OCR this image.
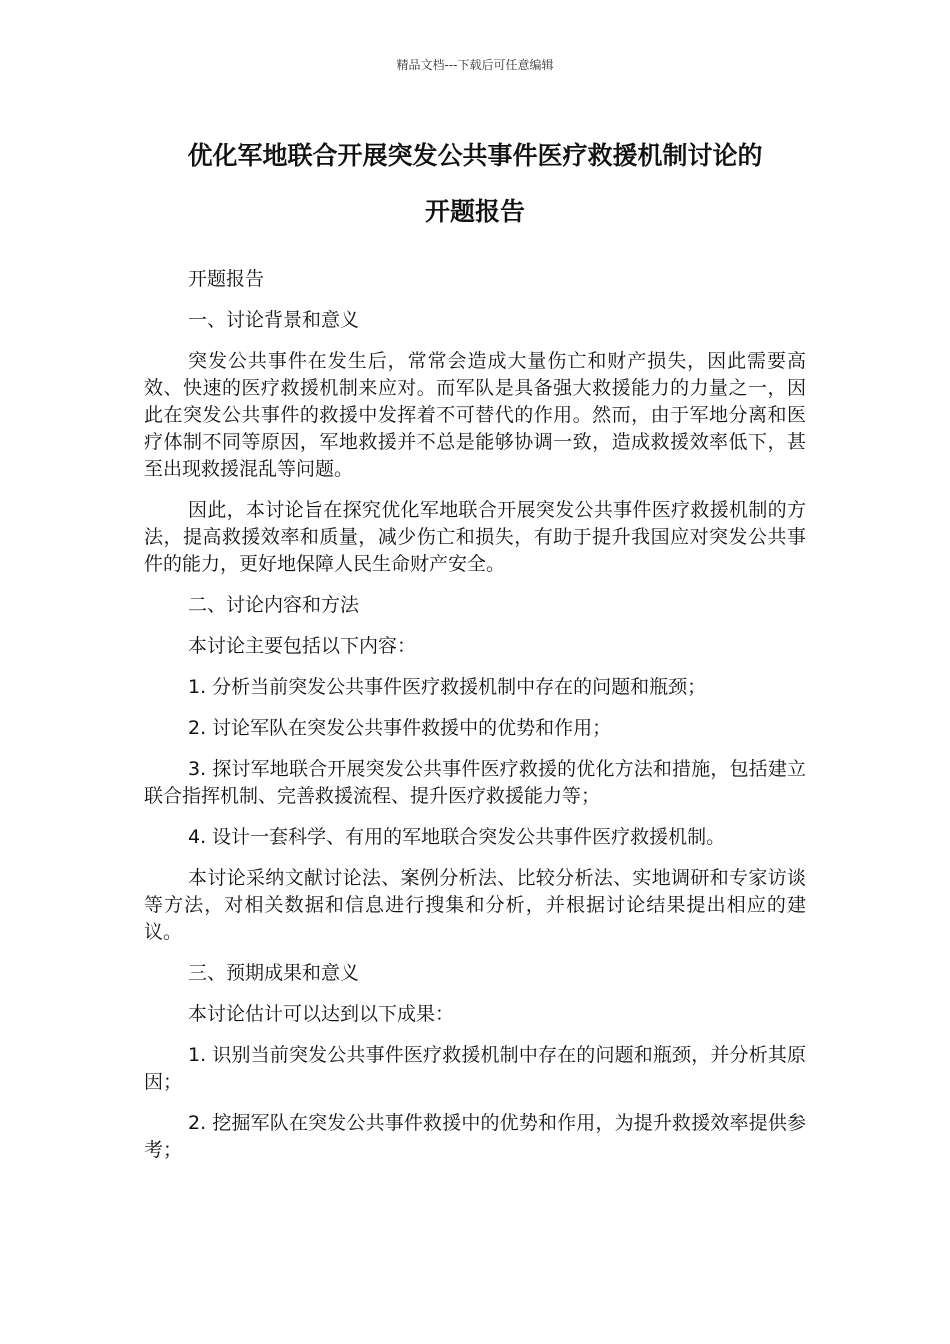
精品文档---下载后可任意编辑
优化军地联合开展突发公共事件医疗救援机制讨论的
开题报告

开题报告

一、讨论背景和意义

突发公共事件在发生后，常常会造成大量伤亡和财产损失，因此需要高效、快速的医疗救援机制来应对。而军队是具备强大救援能力的力量之一，因此在突发公共事件的救援中发挥着不可替代的作用。然而，由于军地分离和医疗体制不同等原因，军地救援并不总是能够协调一致，造成救援效率低下，甚至出现救援混乱等问题。

因此，本讨论旨在探究优化军地联合开展突发公共事件医疗救援机制的方法，提高救援效率和质量，减少伤亡和损失，有助于提升我国应对突发公共事件的能力，更好地保障人民生命财产安全。

二、讨论内容和方法

本讨论主要包括以下内容：

1. 分析当前突发公共事件医疗救援机制中存在的问题和瓶颈；

2. 讨论军队在突发公共事件救援中的优势和作用；

3. 探讨军地联合开展突发公共事件医疗救援的优化方法和措施，包括建立联合指挥机制、完善救援流程、提升医疗救援能力等；

4. 设计一套科学、有用的军地联合突发公共事件医疗救援机制。

本讨论采纳文献讨论法、案例分析法、比较分析法、实地调研和专家访谈等方法，对相关数据和信息进行搜集和分析，并根据讨论结果提出相应的建议。

三、预期成果和意义

本讨论估计可以达到以下成果：

1. 识别当前突发公共事件医疗救援机制中存在的问题和瓶颈，并分析其原因；

2. 挖掘军队在突发公共事件救援中的优势和作用，为提升救援效率提供参考；
